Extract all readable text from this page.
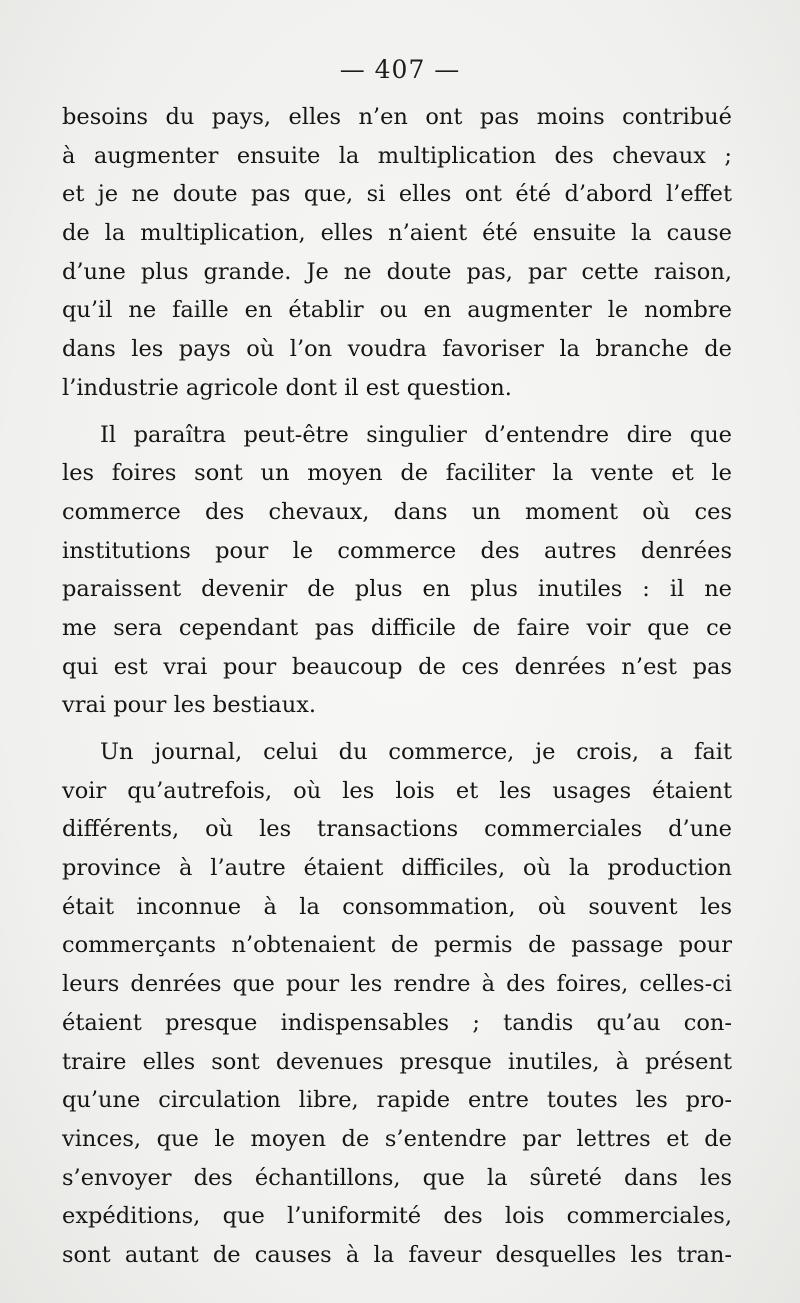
— 407 —
besoins du pays, elles n’en ont pas moins contribué
à augmenter ensuite la multiplication des chevaux ;
et je ne doute pas que, si elles ont été d’abord l’effet
de la multiplication, elles n’aient été ensuite la cause
d’une plus grande. Je ne doute pas, par cette raison,
qu’il ne faille en établir ou en augmenter le nombre
dans les pays où l’on voudra favoriser la branche de
l’industrie agricole dont il est question.
Il paraîtra peut-être singulier d’entendre dire que
les foires sont un moyen de faciliter la vente et le
commerce des chevaux, dans un moment où ces
institutions pour le commerce des autres denrées
paraissent devenir de plus en plus inutiles : il ne
me sera cependant pas difficile de faire voir que ce
qui est vrai pour beaucoup de ces denrées n’est pas
vrai pour les bestiaux.
Un journal, celui du commerce, je crois, a fait
voir qu’autrefois, où les lois et les usages étaient
différents, où les transactions commerciales d’une
province à l’autre étaient difficiles, où la production
était inconnue à la consommation, où souvent les
commerçants n’obtenaient de permis de passage pour
leurs denrées que pour les rendre à des foires, celles-ci
étaient presque indispensables ; tandis qu’au con-
traire elles sont devenues presque inutiles, à présent
qu’une circulation libre, rapide entre toutes les pro-
vinces, que le moyen de s’entendre par lettres et de
s’envoyer des échantillons, que la sûreté dans les
expéditions, que l’uniformité des lois commerciales,
sont autant de causes à la faveur desquelles les tran-
